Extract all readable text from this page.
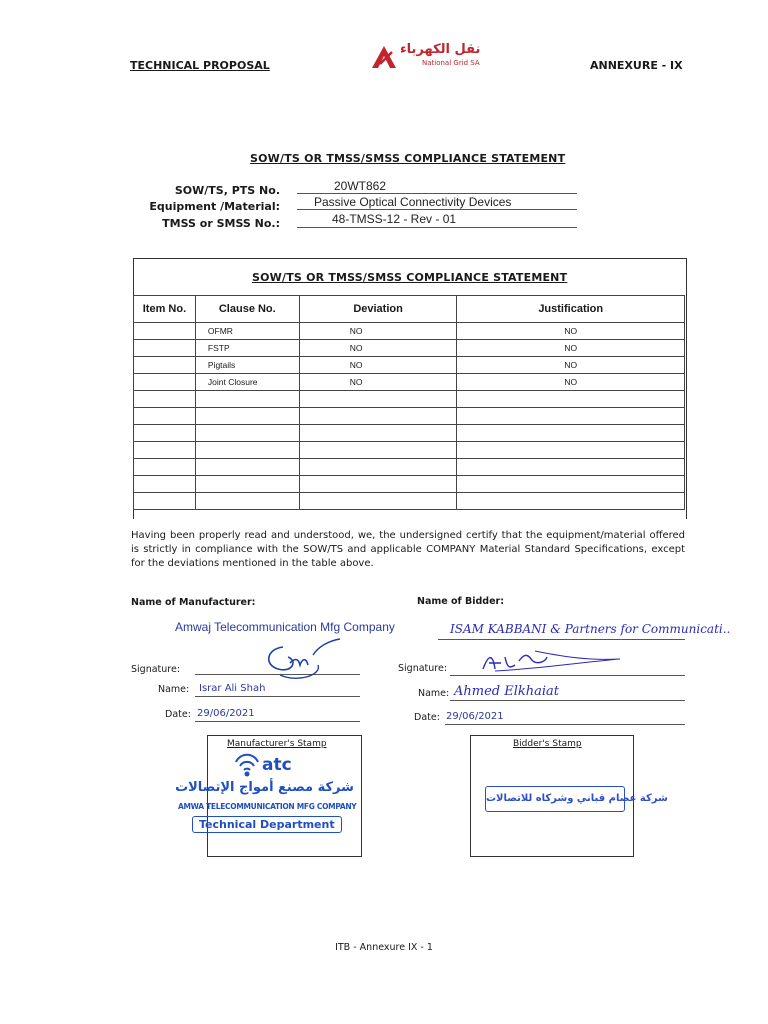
TECHNICAL PROPOSAL
نقل الكهرباء
National Grid SA	ANNEXURE - IX
SOW/TS OR TMSS/SMSS COMPLIANCE STATEMENT
SOW/TS, PTS No.	20WT862
Equipment /Material:	Passive Optical Connectivity Devices
TMSS or SMSS No.:	48-TMSS-12 - Rev - 01
SOW/TS OR TMSS/SMSS COMPLIANCE STATEMENT
Item No.	Clause No.	Deviation	Justification
	OFMR	NO	NO
	FSTP	NO	NO
	Pigtails	NO	NO
	Joint Closure	NO	NO

Having been properly read and understood, we, the undersigned certify that the equipment/material offered is strictly in compliance with the SOW/TS and applicable COMPANY Material Standard Specifications, except for the deviations mentioned in the table above.
Name of Manufacturer:
Amwaj Telecommunication Mfg Company
Signature:
Name: Israr Ali Shah
Date: 29/06/2021
Name of Bidder:
ISAM KABBANI & Partners for Communicati..
Signature:
Name: Ahmed Elkhaiat
Date: 29/06/2021
Manufacturer's Stamp
atc
شركة مصنع أمواج الإتصالات
AMWA TELECOMMUNICATION MFG COMPANY
Technical Department
Bidder's Stamp
شركة عصام قباني وشركاه للاتصالات
ITB - Annexure IX - 1
